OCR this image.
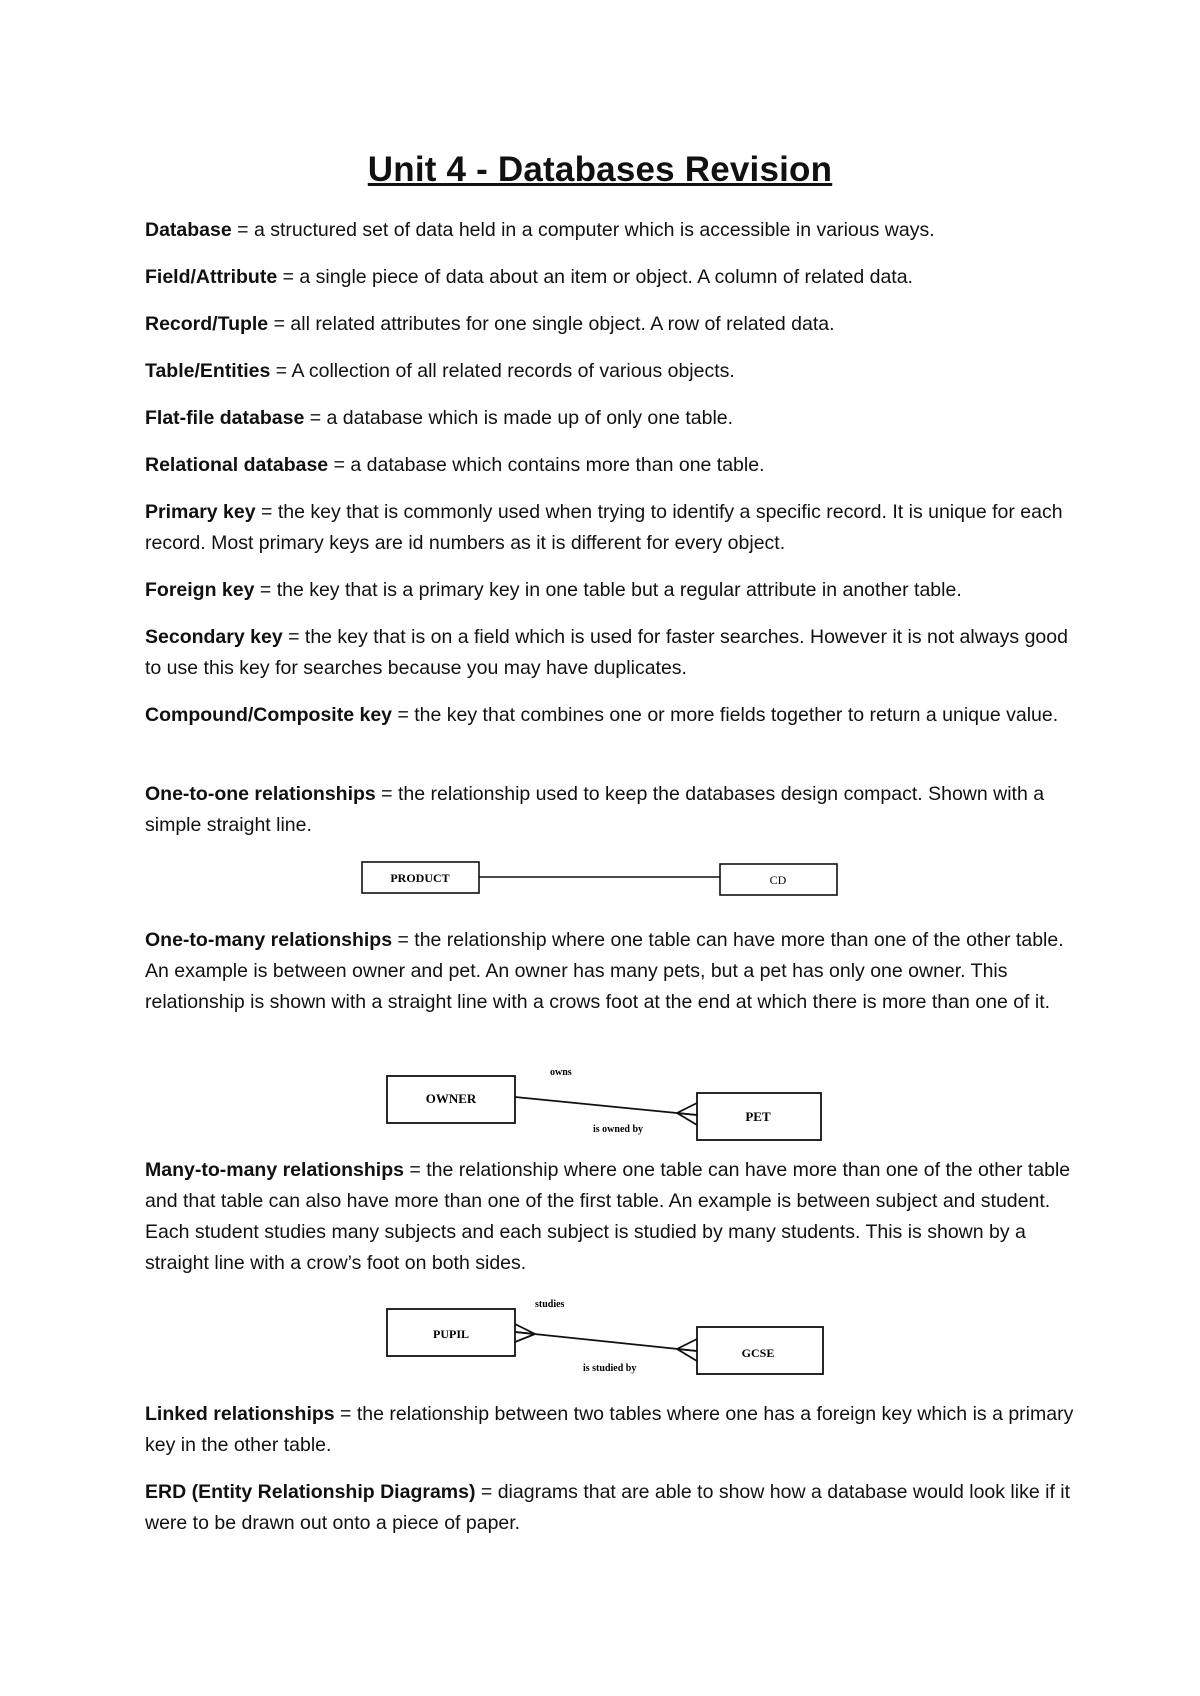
Unit 4 - Databases Revision
Database = a structured set of data held in a computer which is accessible in various ways.
Field/Attribute = a single piece of data about an item or object. A column of related data.
Record/Tuple = all related attributes for one single object. A row of related data.
Table/Entities = A collection of all related records of various objects.
Flat-file database = a database which is made up of only one table.
Relational database = a database which contains more than one table.
Primary key = the key that is commonly used when trying to identify a specific record. It is unique for each record. Most primary keys are id numbers as it is different for every object.
Foreign key = the key that is a primary key in one table but a regular attribute in another table.
Secondary key = the key that is on a field which is used for faster searches. However it is not always good to use this key for searches because you may have duplicates.
Compound/Composite key = the key that combines one or more fields together to return a unique value.
One-to-one relationships = the relationship used to keep the databases design compact. Shown with a simple straight line.
PRODUCT	CD
One-to-many relationships = the relationship where one table can have more than one of the other table. An example is between owner and pet. An owner has many pets, but a pet has only one owner. This relationship is shown with a straight line with a crows foot at the end at which there is more than one of it.
OWNER
PET
owns
is owned by
Many-to-many relationships = the relationship where one table can have more than one of the other table and that table can also have more than one of the first table. An example is between subject and student. Each student studies many subjects and each subject is studied by many students. This is shown by a straight line with a crow’s foot on both sides.
PUPIL
GCSE
studies
is studied by
Linked relationships = the relationship between two tables where one has a foreign key which is a primary key in the other table.
ERD (Entity Relationship Diagrams) = diagrams that are able to show how a database would look like if it were to be drawn out onto a piece of paper.
